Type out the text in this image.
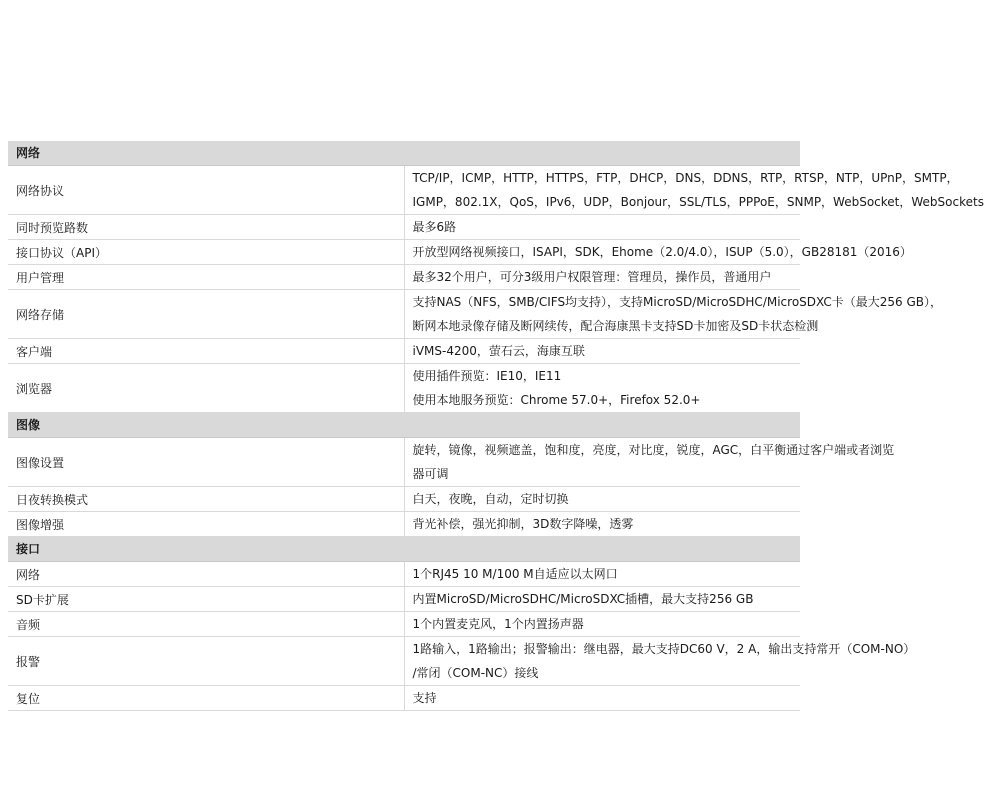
网络	
网络协议	TCP/IP，ICMP，HTTP，HTTPS，FTP，DHCP，DNS，DDNS，RTP，RTSP，NTP，UPnP，SMTP，
IGMP，802.1X，QoS，IPv6，UDP，Bonjour，SSL/TLS，PPPoE，SNMP，WebSocket，WebSockets

同时预览路数	最多6路

接口协议（API）	开放型网络视频接口，ISAPI，SDK，Ehome（2.0/4.0），ISUP（5.0），GB28181（2016）

用户管理	最多32个用户，可分3级用户权限管理：管理员，操作员，普通用户

网络存储	支持NAS（NFS，SMB/CIFS均支持），支持MicroSD/MicroSDHC/MicroSDXC卡（最大256 GB），
断网本地录像存储及断网续传，配合海康黑卡支持SD卡加密及SD卡状态检测

客户端	iVMS-4200，萤石云，海康互联

浏览器	使用插件预览：IE10，IE11
使用本地服务预览：Chrome 57.0+，Firefox 52.0+

图像	
图像设置	旋转，镜像，视频遮盖，饱和度，亮度，对比度，锐度，AGC，白平衡通过客户端或者浏览
器可调

日夜转换模式	白天，夜晚，自动，定时切换

图像增强	背光补偿，强光抑制，3D数字降噪，透雾

接口	
网络	1个RJ45 10 M/100 M自适应以太网口

SD卡扩展	内置MicroSD/MicroSDHC/MicroSDXC插槽，最大支持256 GB

音频	1个内置麦克风，1个内置扬声器

报警	1路输入，1路输出；报警输出：继电器，最大支持DC60 V，2 A，输出支持常开（COM-NO）
/常闭（COM-NC）接线

复位	支持
